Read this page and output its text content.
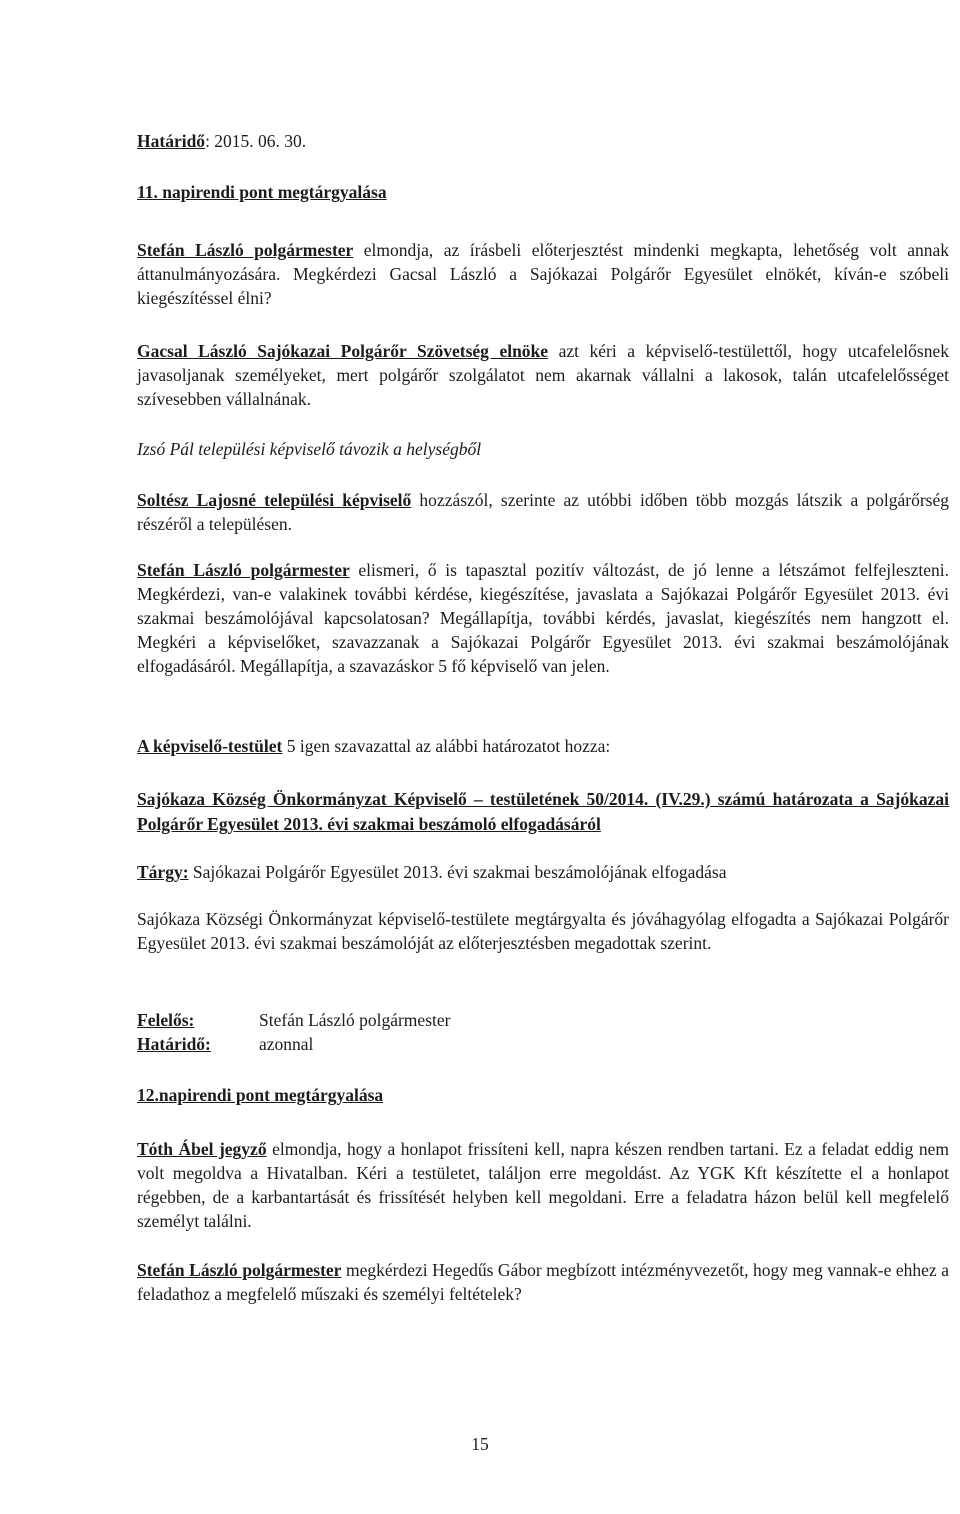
Határidő: 2015. 06. 30.
11. napirendi pont megtárgyalása

Stefán László polgármester elmondja, az írásbeli előterjesztést mindenki megkapta, lehetőség volt annak áttanulmányozására. Megkérdezi Gacsal László a Sajókazai Polgárőr Egyesület elnökét, kíván-e szóbeli kiegészítéssel élni?

Gacsal László Sajókazai Polgárőr Szövetség elnöke azt kéri a képviselő-testülettől, hogy utcafelelősnek javasoljanak személyeket, mert polgárőr szolgálatot nem akarnak vállalni a lakosok, talán utcafelelősséget szívesebben vállalnának.

Izsó Pál települési képviselő távozik a helységből

Soltész Lajosné települési képviselő hozzászól, szerinte az utóbbi időben több mozgás látszik a polgárőrség részéről a településen.

Stefán László polgármester elismeri, ő is tapasztal pozitív változást, de jó lenne a létszámot felfejleszteni. Megkérdezi, van-e valakinek további kérdése, kiegészítése, javaslata a Sajókazai Polgárőr Egyesület 2013. évi szakmai beszámolójával kapcsolatosan? Megállapítja, további kérdés, javaslat, kiegészítés nem hangzott el. Megkéri a képviselőket, szavazzanak a Sajókazai Polgárőr Egyesület 2013. évi szakmai beszámolójának elfogadásáról. Megállapítja, a szavazáskor 5 fő képviselő van jelen.

A képviselő-testület 5 igen szavazattal az alábbi határozatot hozza:

Sajókaza Község Önkormányzat Képviselő – testületének 50/2014. (IV.29.) számú határozata a Sajókazai Polgárőr Egyesület 2013. évi szakmai beszámoló elfogadásáról

Tárgy: Sajókazai Polgárőr Egyesület 2013. évi szakmai beszámolójának elfogadása

Sajókaza Községi Önkormányzat képviselő-testülete megtárgyalta és jóváhagyólag elfogadta a Sajókazai Polgárőr Egyesület 2013. évi szakmai beszámolóját az előterjesztésben megadottak szerint.

Felelős:	Stefán László polgármester
Határidő:	azonnal
12.napirendi pont megtárgyalása

Tóth Ábel jegyző elmondja, hogy a honlapot frissíteni kell, napra készen rendben tartani. Ez a feladat eddig nem volt megoldva a Hivatalban. Kéri a testületet, találjon erre megoldást. Az YGK Kft készítette el a honlapot régebben, de a karbantartását és frissítését helyben kell megoldani. Erre a feladatra házon belül kell megfelelő személyt találni.

Stefán László polgármester megkérdezi Hegedűs Gábor megbízott intézményvezetőt, hogy meg vannak-e ehhez a feladathoz a megfelelő műszaki és személyi feltételek?

15
